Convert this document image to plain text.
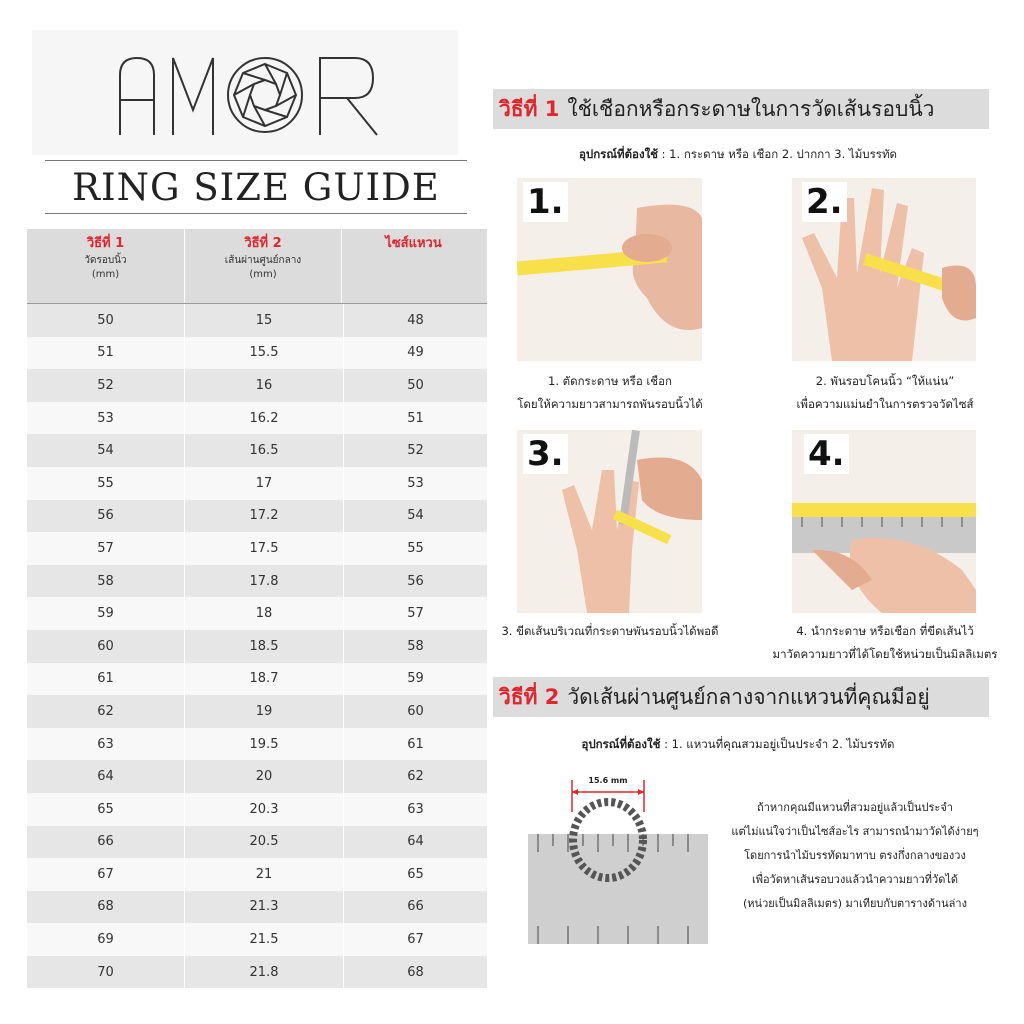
RING SIZE GUIDE
วิธีที่ 1
วัดรอบนิ้ว
(mm)
วิธีที่ 2
เส้นผ่านศูนย์กลาง
(mm)
ไซส์แหวน
50	15	48
51	15.5	49
52	16	50
53	16.2	51
54	16.5	52
55	17	53
56	17.2	54
57	17.5	55
58	17.8	56
59	18	57
60	18.5	58
61	18.7	59
62	19	60
63	19.5	61
64	20	62
65	20.3	63
66	20.5	64
67	21	65
68	21.3	66
69	21.5	67
70	21.8	68
วิธีที่ 1 ใช้เชือกหรือกระดาษในการวัดเส้นรอบนิ้ว
อุปกรณ์ที่ต้องใช้ : 1. กระดาษ หรือ เชือก 2. ปากกา 3. ไม้บรรทัด
1.
1. ตัดกระดาษ หรือ เชือก
โดยให้ความยาวสามารถพันรอบนิ้วได้
2.
2. พันรอบโคนนิ้ว “ให้แน่น”
เพื่อความแม่นยำในการตรวจวัดไซส์
3.
3. ขีดเส้นบริเวณที่กระดาษพันรอบนิ้วได้พอดี
4.
4. นำกระดาษ หรือเชือก ที่ขีดเส้นไว้
มาวัดความยาวที่ได้โดยใช้หน่วยเป็นมิลลิเมตร
วิธีที่ 2 วัดเส้นผ่านศูนย์กลางจากแหวนที่คุณมีอยู่
อุปกรณ์ที่ต้องใช้ : 1. แหวนที่คุณสวมอยู่เป็นประจำ 2. ไม้บรรทัด
15.6 mm
ถ้าหากคุณมีแหวนที่สวมอยู่แล้วเป็นประจำ
แต่ไม่แน่ใจว่าเป็นไซส์อะไร สามารถนำมาวัดได้ง่ายๆ
โดยการนำไม้บรรทัดมาทาบ ตรงกึ่งกลางของวง
เพื่อวัดหาเส้นรอบวงแล้วนำความยาวที่วัดได้
(หน่วยเป็นมิลลิเมตร) มาเทียบกับตารางด้านล่าง
